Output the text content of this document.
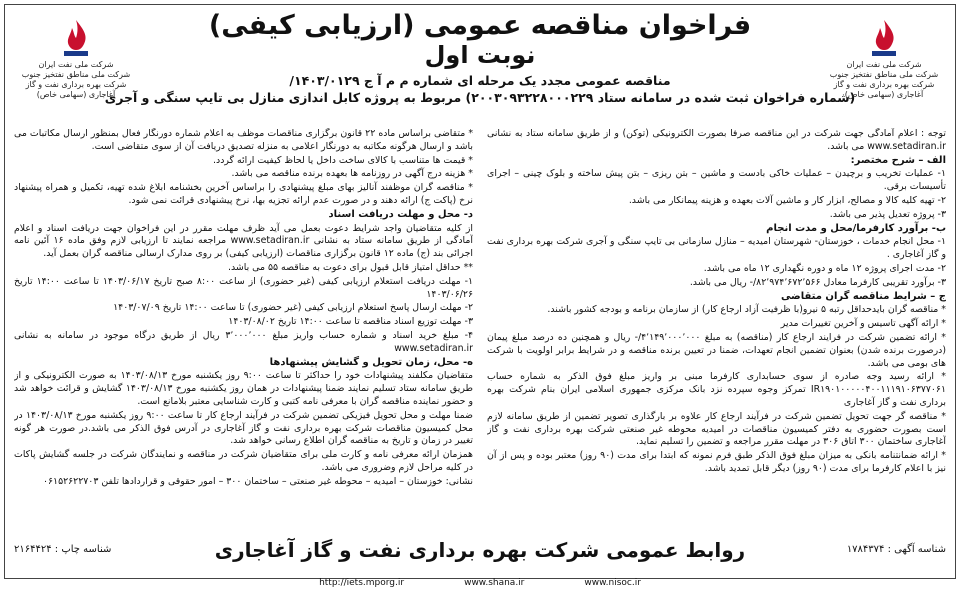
شرکت ملی نفت ایران
شرکت ملی مناطق نفتخیز جنوب
شرکت بهره برداری نفت و گاز آغاجاری (سهامی خاص)
شرکت ملی نفت ایران
شرکت ملی مناطق نفتخیز جنوب
شرکت بهره برداری نفت و گاز آغاجاری (سهامی خاص)
فراخوان مناقصه عمومی (ارزیابی کیفی)
نوبت اول
مناقصه عمومی مجدد یک مرحله ای شماره م م آ ج ۱۴۰۳/۰۱۲۹/
(شماره فراخوان ثبت شده در سامانه ستاد ۲۰۰۳۰۹۳۲۲۸۰۰۰۲۲۹) مربوط به پروژه کابل اندازی منازل بی تایپ سنگی و آجری

توجه : اعلام آمادگی جهت شرکت در این مناقصه صرفا بصورت الکترونیکی (توکن) و از طریق سامانه ستاد به نشانی www.setadiran.ir می باشد.

الف – شرح مختصر:

۱- عملیات تخریب و برچیدن – عملیات خاکی بادست و ماشین – بتن ریزی – بتن پیش ساخته و بلوک چینی – اجرای تأسیسات برقی.

۲- تهیه کلیه کالا و مصالح، ابزار کار و ماشین آلات بعهده و هزینه پیمانکار می باشد.

۳- پروژه تعدیل پذیر می باشد.

ب- برآورد کارفرما/محل و مدت انجام

۱- محل انجام خدمات ، خوزستان- شهرستان امیدیه – منازل سازمانی بی تایپ سنگی و آجری شرکت بهره برداری نفت و گاز آغاجاری .

۲- مدت اجرای پروژه ۱۲ ماه و دوره نگهداری ۱۲ ماه می باشد.

۳- برآورد تقریبی کارفرما معادل ۸۲٬۹۷۴٬۶۷۲٬۵۶۶/- ریال می باشد.

ج – شرایط مناقصه گران متقاضی

* مناقصه گران بایدحداقل رتبه ۵ نیرو(با ظرفیت آزاد ارجاع کار) از سازمان برنامه و بودجه کشور باشند.

* ارائه آگهی تاسیس و آخرین تغییرات مدیر

* ارائه تضمین شرکت در فرایند ارجاع کار (مناقصه) به مبلغ ۴٬۱۴۹٬۰۰۰٬۰۰۰/- ریال و همچنین ده درصد مبلغ پیمان (درصورت برنده شدن) بعنوان تضمین انجام تعهدات، ضمنا در تعیین برنده مناقصه و در شرایط برابر اولویت با شرکت های بومی می باشد.

* ارائه رسید وجه صادره از سوی حسابداری کارفرما مبنی بر واریز مبلغ فوق الذکر به شماره حساب IR۱۹۰۱۰۰۰۰۰۴۰۰۱۱۱۹۱۰۶۳۷۷۰۶۱ تمرکز وجوه سپرده نزد بانک مرکزی جمهوری اسلامی ایران بنام شرکت بهره برداری نفت و گاز آغاجاری

* مناقصه گر جهت تحویل تضمین شرکت در فرآیند ارجاع کار علاوه بر بارگذاری تصویر تضمین از طریق سامانه لازم است بصورت حضوری به دفتر کمیسیون مناقصات در امیدیه محوطه غیر صنعتی شرکت بهره برداری نفت و گاز آغاجاری ساختمان ۳۰۰ اتاق ۳۰۶ در مهلت مقرر مراجعه و تضمین را تسلیم نماید.

* ارائه ضمانتنامه بانکی به میزان مبلغ فوق الذکر طبق فرم نمونه که ابتدا برای مدت (۹۰ روز) معتبر بوده و پس از آن نیز با اعلام کارفرما برای مدت (۹۰ روز) دیگر قابل تمدید باشد.

* متقاضی براساس ماده ۲۲ قانون برگزاری مناقصات موظف به اعلام شماره دورنگار فعال بمنظور ارسال مکاتبات می باشد و ارسال هرگونه مکاتبه به دورنگار اعلامی به منزله تصدیق دریافت آن از سوی متقاضی است.

* قیمت ها متناسب با کالای ساخت داخل یا لحاظ کیفیت ارائه گردد.

* هزینه درج آگهی در روزنامه ها بعهده برنده مناقصه می باشد.

* مناقصه گران موظفند آنالیز بهای مبلغ پیشنهادی را براساس آخرین بخشنامه ابلاغ شده تهیه، تکمیل و همراه پیشنهاد نرخ (پاکت ج) ارائه دهند و در صورت عدم ارائه تجزیه بها، نرخ پیشنهادی قرائت نمی شود.

د- محل و مهلت دریافت اسناد

از کلیه متقاضیان واجد شرایط دعوت بعمل می آید ظرف مهلت مقرر در این فراخوان جهت دریافت اسناد و اعلام آمادگی از طریق سامانه ستاد به نشانی www.setadiran.ir مراجعه نمایند تا ارزیابی لازم وفق ماده ۱۶ آئین نامه اجرائی بند (ج) ماده ۱۲ قانون برگزاری مناقصات (ارزیابی کیفی) بر روی مدارک ارسالی مناقصه گران بعمل آید.

** حداقل امتیاز قابل قبول برای دعوت به مناقصه ۵۵ می باشد.

۱- مهلت دریافت استعلام ارزیابی کیفی (غیر حضوری) از ساعت ۸:۰۰ صبح تاریخ ۱۴۰۳/۰۶/۱۷ تا ساعت ۱۴:۰۰ تاریخ ۱۴۰۳/۰۶/۲۶

۲- مهلت ارسال پاسخ استعلام ارزیابی کیفی (غیر حضوری) تا ساعت ۱۴:۰۰ تاریخ ۱۴۰۳/۰۷/۰۹

۳- مهلت توزیع اسناد مناقصه تا ساعت ۱۴:۰۰ تاریخ ۱۴۰۳/۰۸/۰۲

۴- مبلغ خرید اسناد و شماره حساب واریز مبلغ ۳٬۰۰۰٬۰۰۰ ریال از طریق درگاه موجود در سامانه به نشانی www.setadiran.ir

ه- محل، زمان تحویل و گشایش پیشنهادها

متقاضیان مکلفند پیشنهادات خود را حداکثر تا ساعت ۹:۰۰ روز یکشنبه مورخ ۱۴۰۳/۰۸/۱۳ به صورت الکترونیکی و از طریق سامانه ستاد تسلیم نمایند ضمنا پیشنهادات در همان روز یکشنبه مورخ ۱۴۰۳/۰۸/۱۳ گشایش و قرائت خواهد شد و حضور نماینده مناقصه گران با معرفی نامه کتبی و کارت شناسایی معتبر بلامانع است.

ضمنا مهلت و محل تحویل فیزیکی تضمین شرکت در فرآیند ارجاع کار تا ساعت ۹:۰۰ روز یکشنبه مورخ ۱۴۰۳/۰۸/۱۳ در محل کمیسیون مناقصات شرکت بهره برداری نفت و گاز آغاجاری در آدرس فوق الذکر می باشد.در صورت هر گونه تغییر در زمان و تاریخ به مناقصه گران اطلاع رسانی خواهد شد.

همزمان ارائه معرفی نامه و کارت ملی برای متقاضیان شرکت در مناقصه و نمایندگان شرکت در جلسه گشایش پاکات در کلیه مراحل لازم وضروری می باشد.

نشانی: خوزستان – امیدیه – محوطه غیر صنعتی – ساختمان ۳۰۰ – امور حقوقی و قراردادها تلفن ۰۶۱۵۲۶۲۲۷۰۳

شناسه آگهی : ۱۷۸۴۳۷۴
روابط عمومی شرکت بهره برداری نفت و گاز آغاجاری
شناسه چاپ : ۲۱۶۴۴۲۴
http://iets.mporg.ir	www.shana.ir	www.nisoc.ir
